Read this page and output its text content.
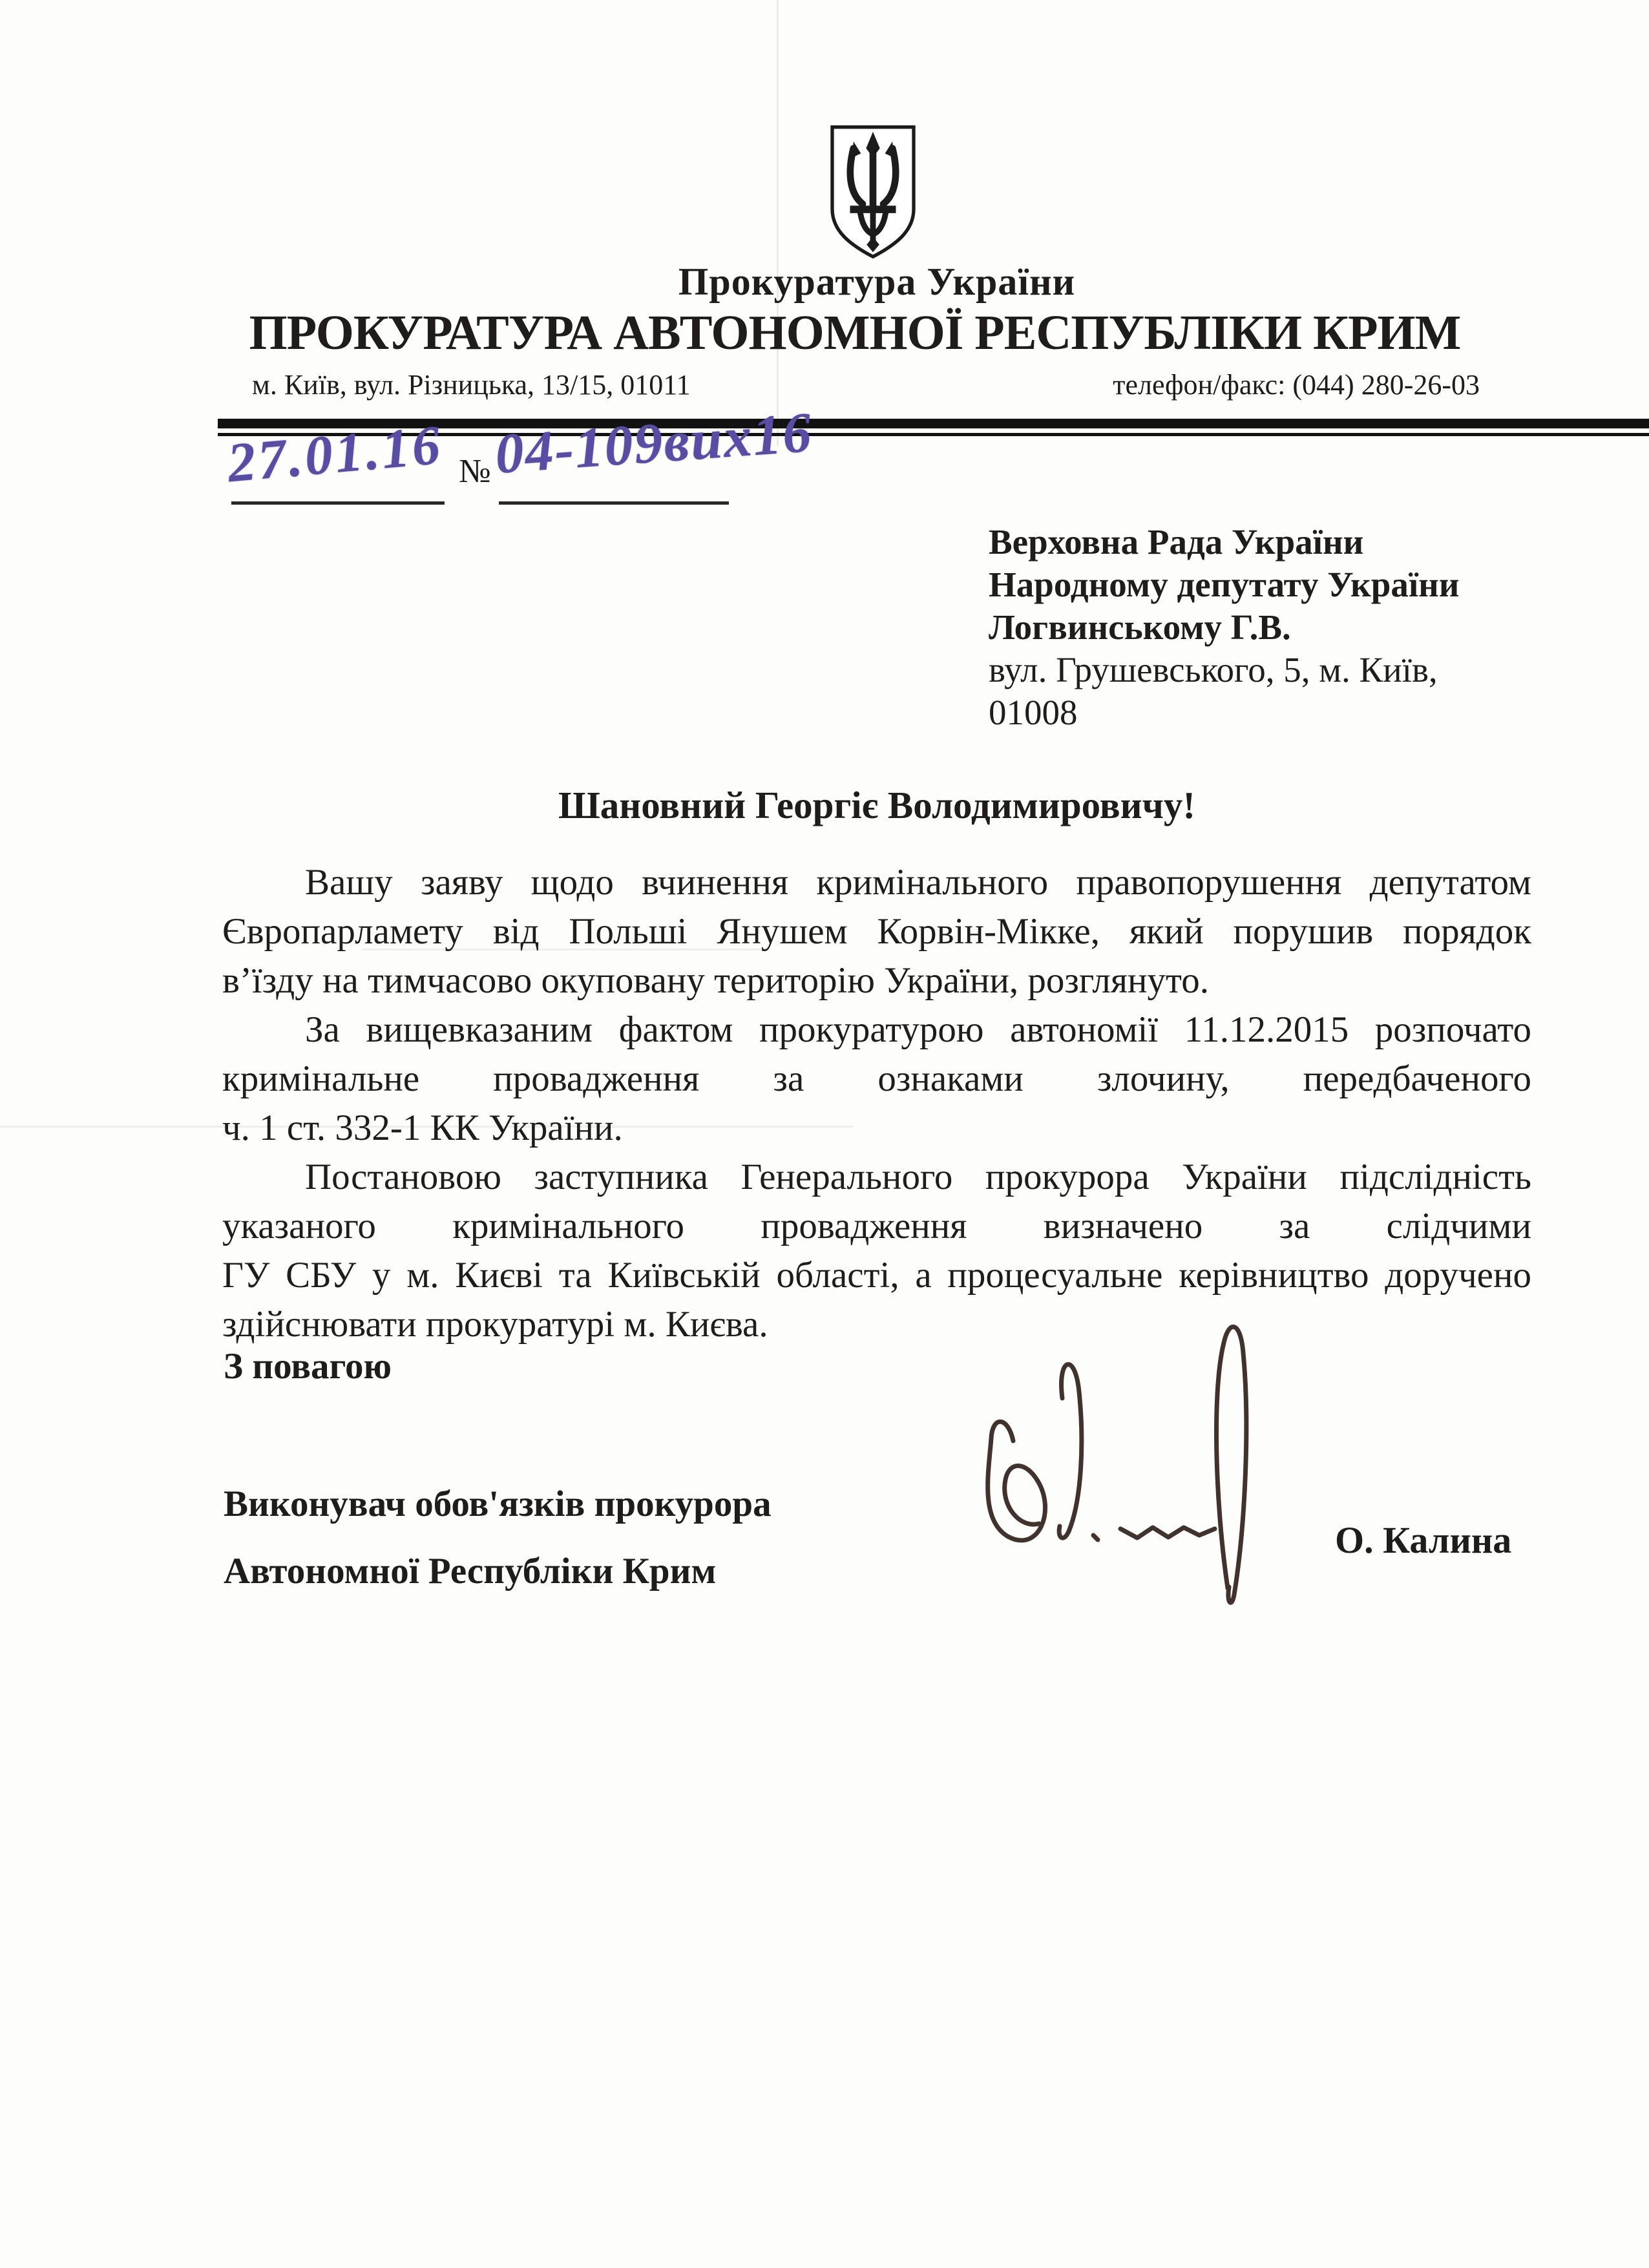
Прокуратура України
ПРОКУРАТУРА АВТОНОМНОЇ РЕСПУБЛІКИ КРИМ
м. Київ, вул. Різницька, 13/15, 01011	телефон/факс: (044) 280-26-03
27.01.16 № 04-109вих16
Верховна Рада України
Народному депутату України
Логвинському Г.В.
вул. Грушевського, 5, м. Київ,
01008
Шановний Георгіє Володимировичу!
Вашу заяву щодо вчинення кримінального правопорушення депутатом
Європарламету від Польші Янушем Корвін-Мікке, який порушив порядок
в’їзду на тимчасово окуповану територію України, розглянуто.
За вищевказаним фактом прокуратурою автономії 11.12.2015 розпочато
кримінальне провадження за ознаками злочину, передбаченого
ч. 1 ст. 332-1 КК України.
Постановою заступника Генерального прокурора України підслідність
указаного кримінального провадження визначено за слідчими
ГУ СБУ у м. Києві та Київській області, а процесуальне керівництво доручено
здійснювати прокуратурі м. Києва.
З повагою
Виконувач обов'язків прокурора
Автономної Республіки Крим
О. Калина
